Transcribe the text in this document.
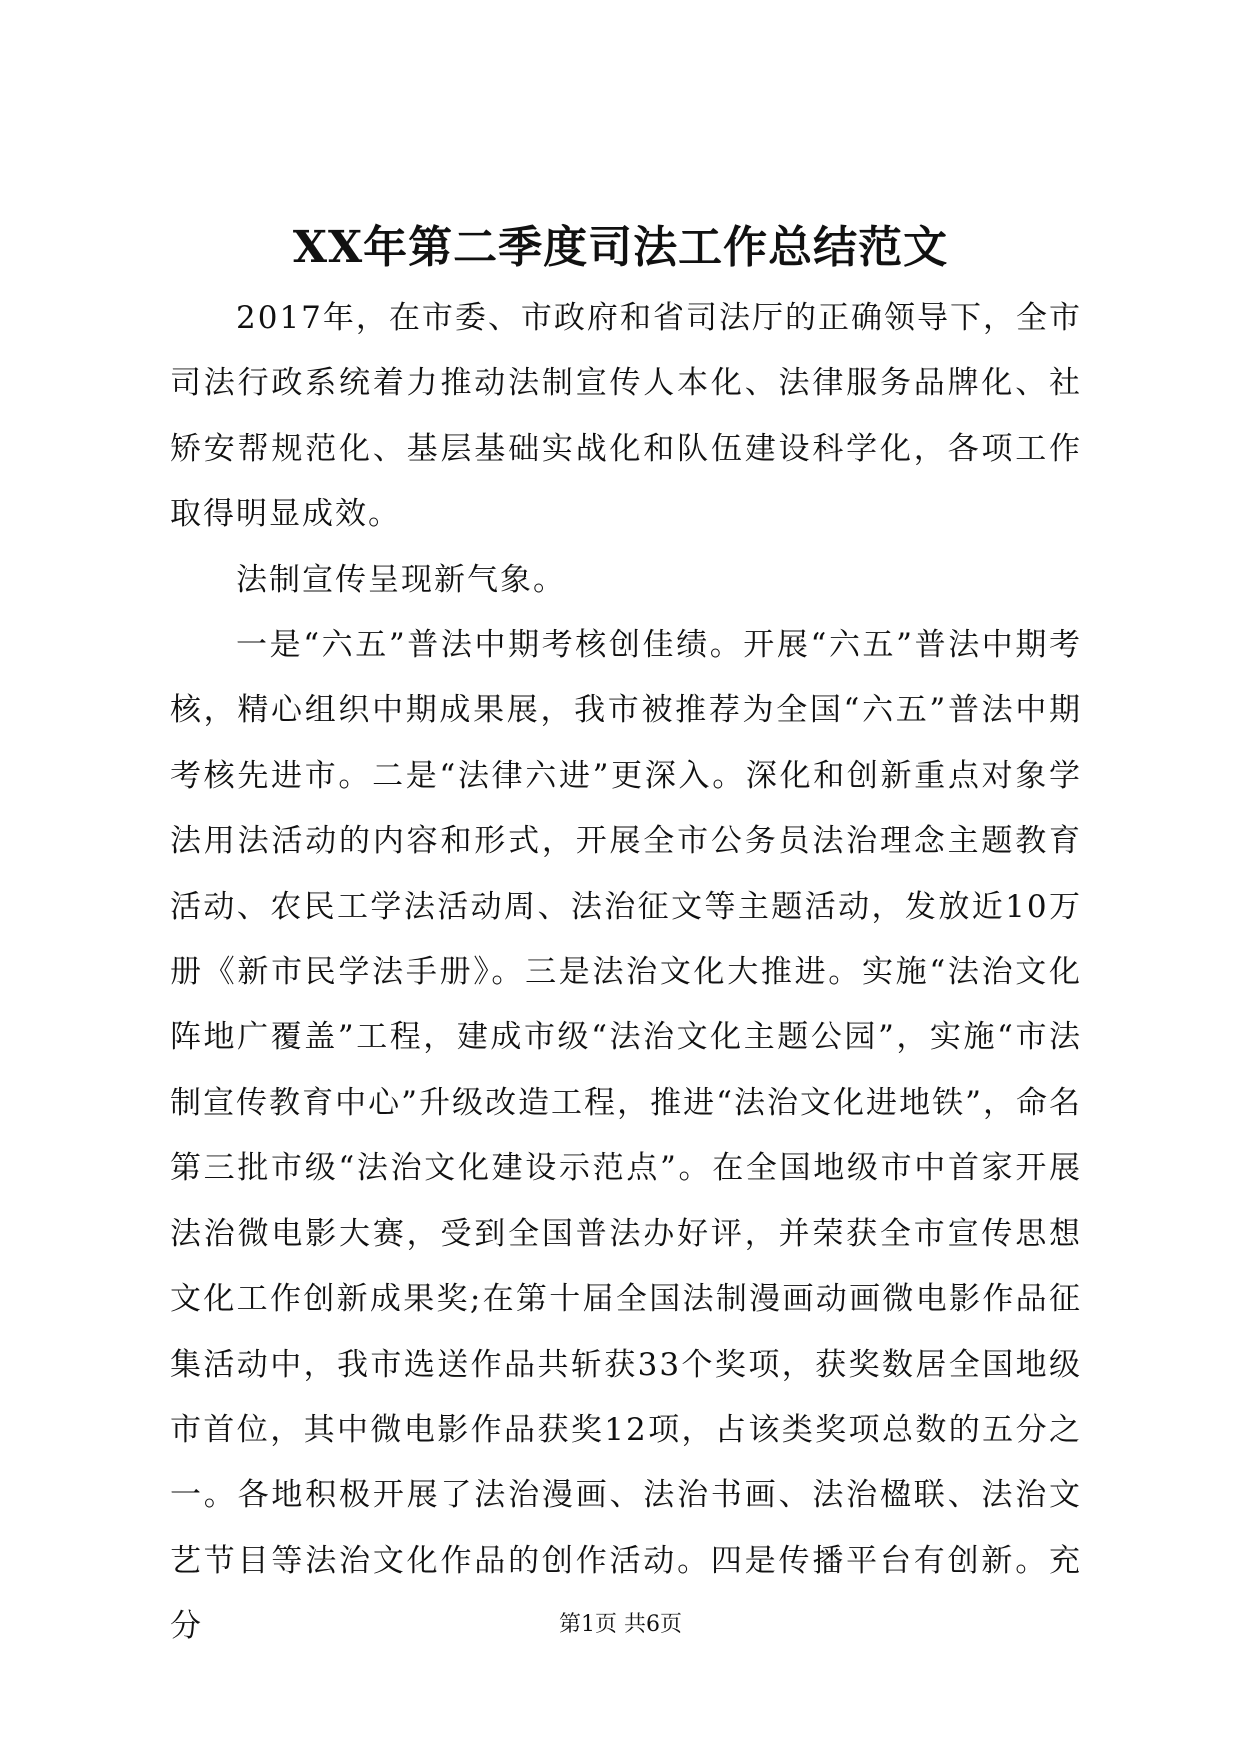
XX年第二季度司法工作总结范文

2017年，在市委、市政府和省司法厅的正确领导下，全市司法行政系统着力推动法制宣传人本化、法律服务品牌化、社矫安帮规范化、基层基础实战化和队伍建设科学化，各项工作取得明显成效。

法制宣传呈现新气象。

一是“六五”普法中期考核创佳绩。开展“六五”普法中期考核，精心组织中期成果展，我市被推荐为全国“六五”普法中期考核先进市。二是“法律六进”更深入。深化和创新重点对象学法用法活动的内容和形式，开展全市公务员法治理念主题教育活动、农民工学法活动周、法治征文等主题活动，发放近10万册《新市民学法手册》。三是法治文化大推进。实施“法治文化阵地广覆盖”工程，建成市级“法治文化主题公园”，实施“市法制宣传教育中心”升级改造工程，推进“法治文化进地铁”，命名第三批市级“法治文化建设示范点”。在全国地级市中首家开展法治微电影大赛，受到全国普法办好评，并荣获全市宣传思想文化工作创新成果奖;在第十届全国法制漫画动画微电影作品征集活动中，我市选送作品共斩获33个奖项，获奖数居全国地级市首位，其中微电影作品获奖12项，占该类奖项总数的五分之一。各地积极开展了法治漫画、法治书画、法治楹联、法治文艺节目等法治文化作品的创作活动。四是传播平台有创新。充分	第1页 共6页
